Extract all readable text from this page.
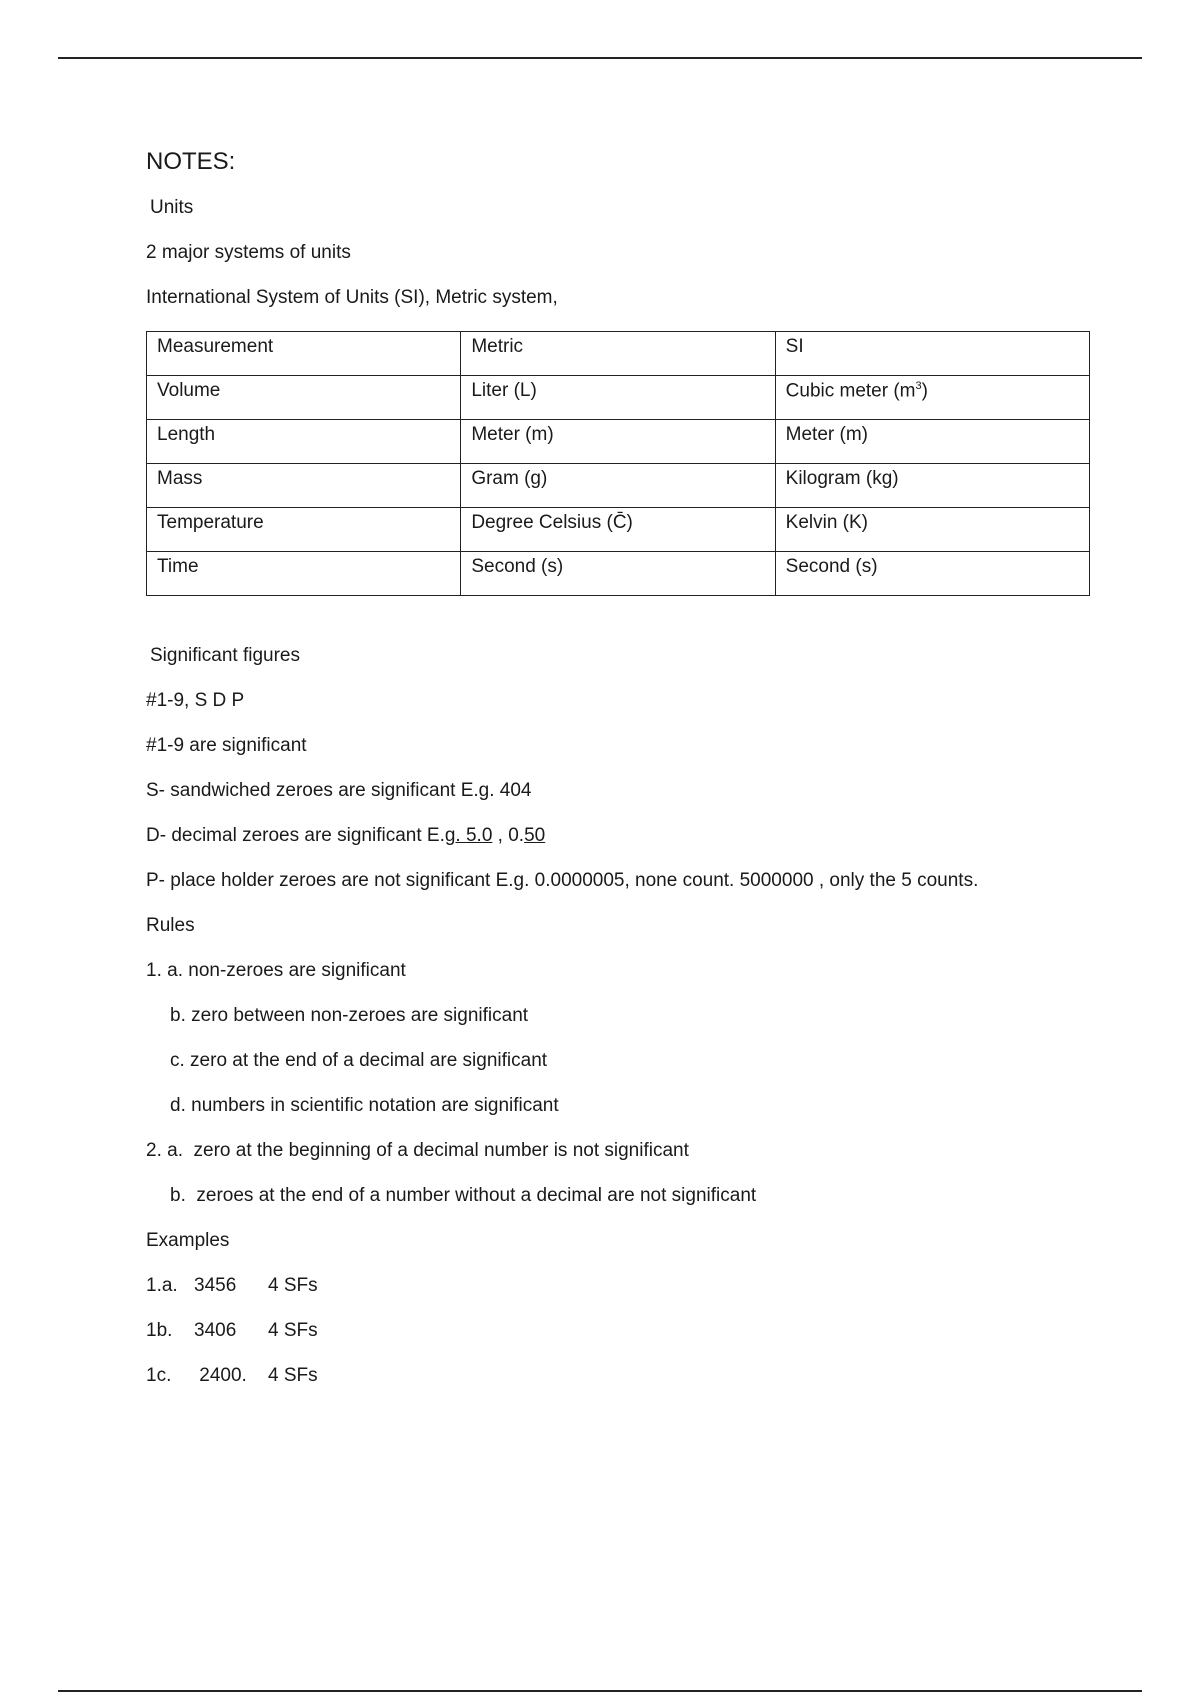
NOTES:
Units
2 major systems of units
International System of Units (SI), Metric system,
Measurement	Metric	SI
Volume	Liter (L)	Cubic meter $(m^3)$
Length	Meter (m)	Meter (m)
Mass	Gram (g)	Kilogram (kg)
Temperature	Degree Celsius (C̄)	Kelvin (K)
Time	Second (s)	Second (s)
Significant figures
#1-9, S D P
#1-9 are significant
S- sandwiched zeroes are significant E.g. 404
D- decimal zeroes are significant E.g. 5.0 , 0.50
P- place holder zeroes are not significant E.g. 0.0000005, none count. 5000000 , only the 5 counts.
Rules
1. a. non-zeroes are significant
b. zero between non-zeroes are significant
c. zero at the end of a decimal are significant
d. numbers in scientific notation are significant
2. a.  zero at the beginning of a decimal number is not significant
b.  zeroes at the end of a number without a decimal are not significant
Examples
1.a. 3456	4 SFs
1b.	3406	4 SFs
1c.	2400.	4 SFs
